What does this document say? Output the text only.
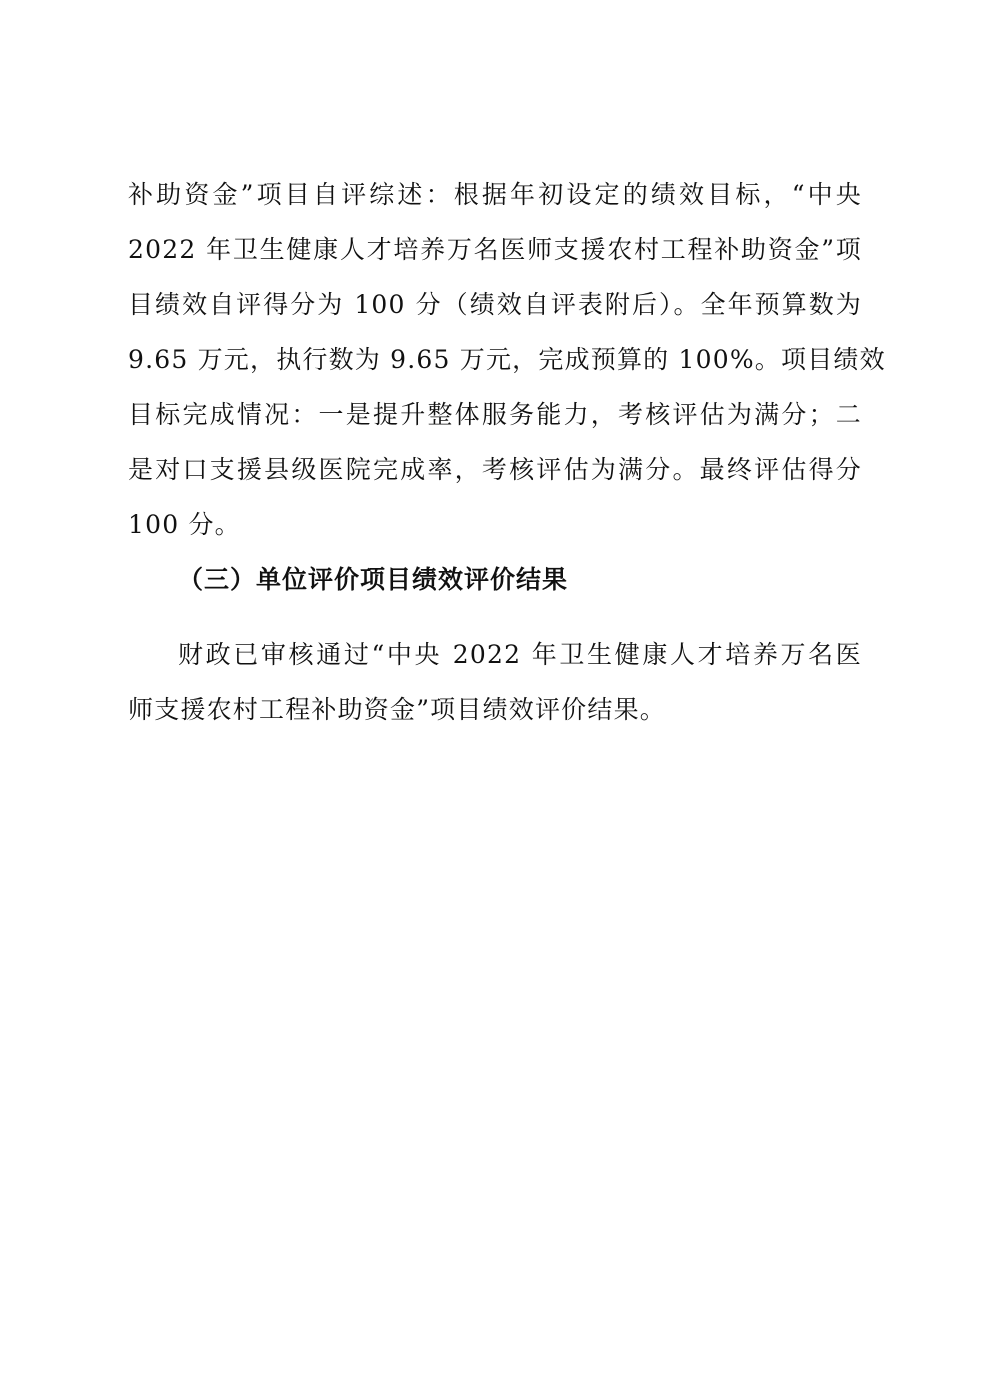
补助资金”项目自评综述：根据年初设定的绩效目标，“中央
2022 年卫生健康人才培养万名医师支援农村工程补助资金”项
目绩效自评得分为 100 分（绩效自评表附后）。全年预算数为
9.65 万元，执行数为 9.65 万元，完成预算的 100%。项目绩效
目标完成情况：一是提升整体服务能力，考核评估为满分；二
是对口支援县级医院完成率，考核评估为满分。最终评估得分
100 分。
（三）单位评价项目绩效评价结果
财政已审核通过“中央 2022 年卫生健康人才培养万名医
师支援农村工程补助资金”项目绩效评价结果。
